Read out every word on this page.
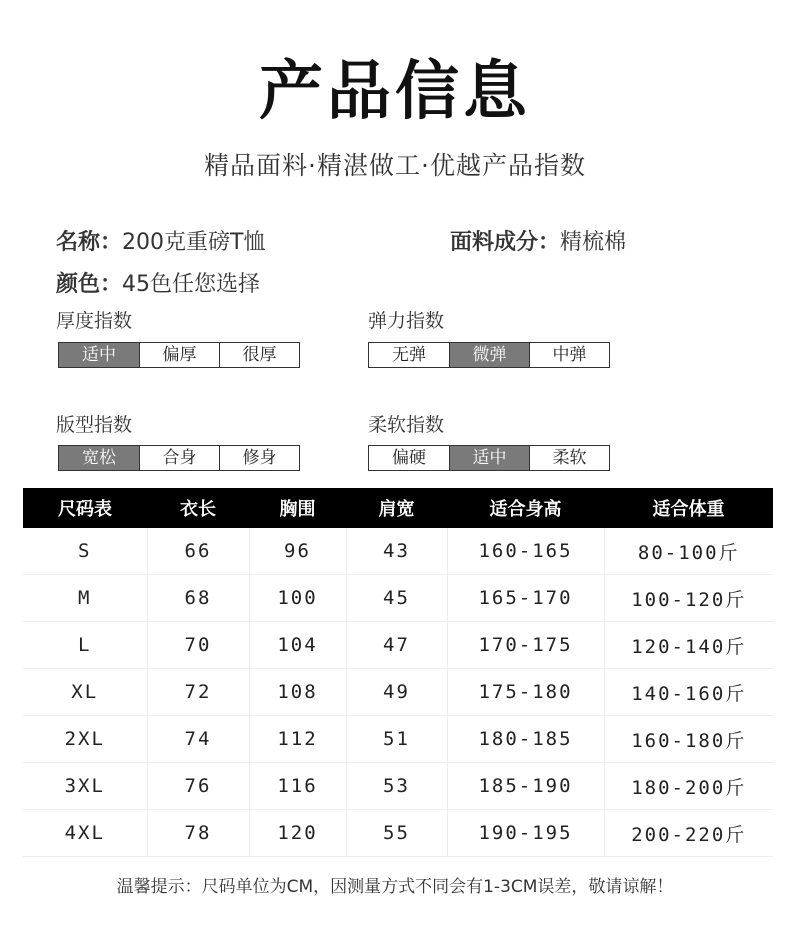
产品信息
精品面料·精湛做工·优越产品指数
名称：200克重磅T恤	面料成分：精梳棉
颜色：45色任您选择
厚度指数
适中	偏厚	很厚
弹力指数
无弹	微弹	中弹
版型指数
宽松	合身	修身
柔软指数
偏硬	适中	柔软
尺码表	衣长	胸围	肩宽	适合身高	适合体重
S	66	96	43	160-165	80-100斤
M	68	100	45	165-170	100-120斤
L	70	104	47	170-175	120-140斤
XL	72	108	49	175-180	140-160斤
2XL	74	112	51	180-185	160-180斤
3XL	76	116	53	185-190	180-200斤
4XL	78	120	55	190-195	200-220斤
温馨提示：尺码单位为CM，因测量方式不同会有1-3CM误差，敬请谅解！
